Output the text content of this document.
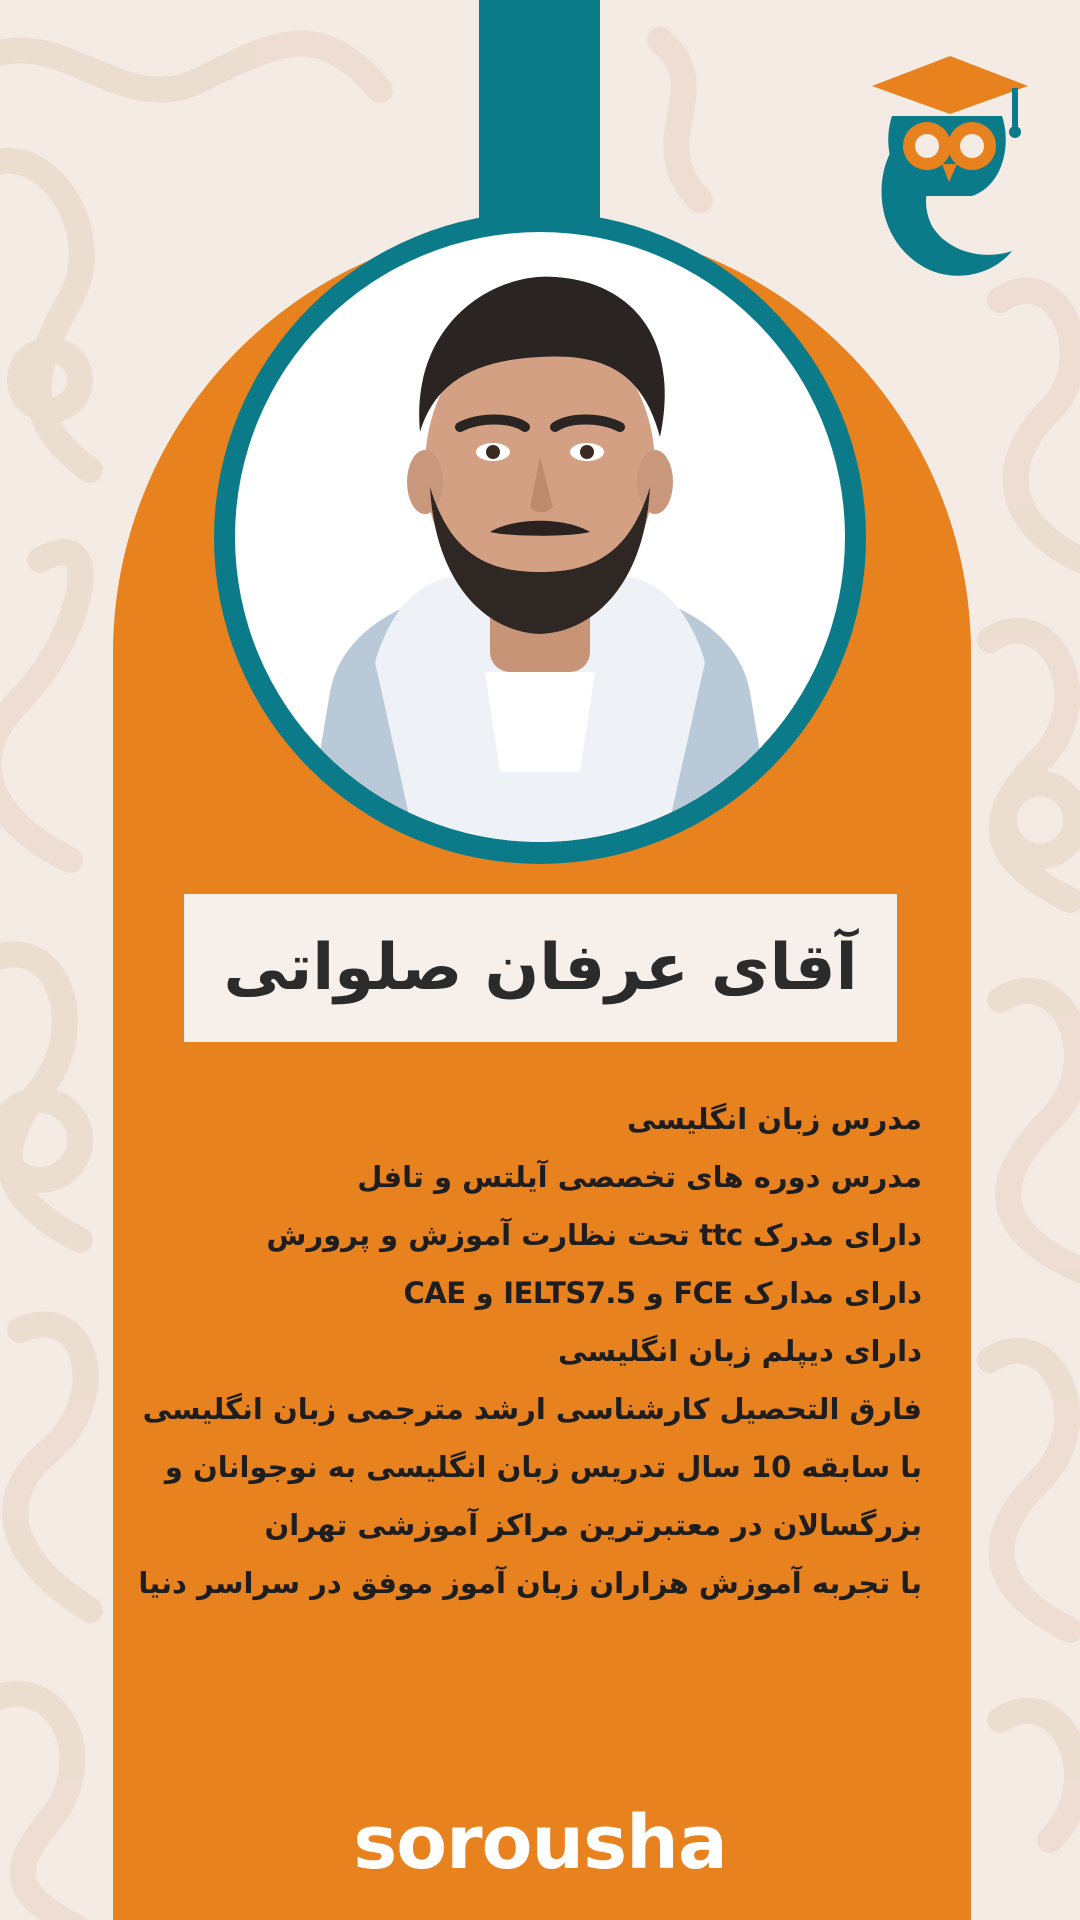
آقای عرفان صلواتی
مدرس زبان انگلیسی
مدرس دوره های تخصصی آیلتس و تافل
دارای مدرک ttc تحت نظارت آموزش و پرورش
دارای مدارک FCE و IELTS7.5 و CAE
دارای دیپلم زبان انگلیسی
فارق التحصیل کارشناسی ارشد مترجمی زبان انگلیسی
با سابقه 10 سال تدریس زبان انگلیسی به نوجوانان و
بزرگسالان در معتبرترین مراکز آموزشی تهران
با تجربه آموزش هزاران زبان آموز موفق در سراسر دنیا
sorousha
